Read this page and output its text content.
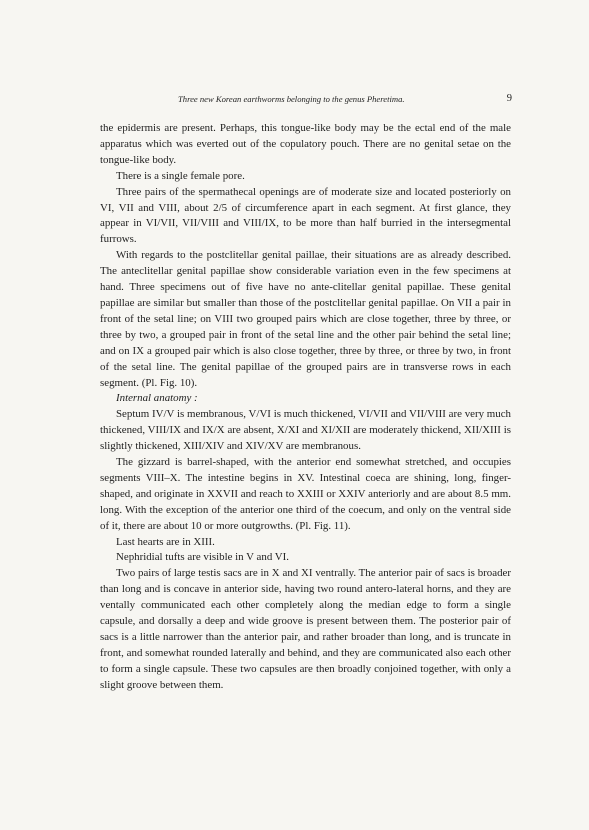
Three new Korean earthworms belonging to the genus Pheretima.	9

the epidermis are present. Perhaps, this tongue-like body may be the ectal end of the male apparatus which was everted out of the copulatory pouch. There are no genital setae on the tongue-like body.

There is a single female pore.

Three pairs of the spermathecal openings are of moderate size and located posteriorly on VI, VII and VIII, about 2/5 of circumference apart in each segment. At first glance, they appear in VI/VII, VII/VIII and VIII/IX, to be more than half burried in the intersegmental furrows.

With regards to the postclitellar genital paillae, their situations are as already described. The anteclitellar genital papillae show considerable variation even in the few specimens at hand. Three specimens out of five have no ante-clitellar genital papillae. These genital papillae are similar but smaller than those of the postclitellar genital papillae. On VII a pair in front of the setal line; on VIII two grouped pairs which are close together, three by three, or three by two, a grouped pair in front of the setal line and the other pair behind the setal line; and on IX a grouped pair which is also close together, three by three, or three by two, in front of the setal line. The genital papillae of the grouped pairs are in transverse rows in each segment. (Pl. Fig. 10).

Internal anatomy :

Septum IV/V is membranous, V/VI is much thickened, VI/VII and VII/VIII are very much thickened, VIII/IX and IX/X are absent, X/XI and XI/XII are moderately thickend, XII/XIII is slightly thickened, XIII/XIV and XIV/XV are membranous.

The gizzard is barrel-shaped, with the anterior end somewhat stretched, and occupies segments VIII–X. The intestine begins in XV. Intestinal coeca are shining, long, finger-shaped, and originate in XXVII and reach to XXIII or XXIV anteriorly and are about 8.5 mm. long. With the exception of the anterior one third of the coecum, and only on the ventral side of it, there are about 10 or more outgrowths. (Pl. Fig. 11).

Last hearts are in XIII.

Nephridial tufts are visible in V and VI.

Two pairs of large testis sacs are in X and XI ventrally. The anterior pair of sacs is broader than long and is concave in anterior side, having two round antero-lateral horns, and they are ventally communicated each other completely along the median edge to form a single capsule, and dorsally a deep and wide groove is present between them. The posterior pair of sacs is a little narrower than the anterior pair, and rather broader than long, and is truncate in front, and somewhat rounded laterally and behind, and they are communicated also each other to form a single capsule. These two capsules are then broadly conjoined together, with only a slight groove between them.
